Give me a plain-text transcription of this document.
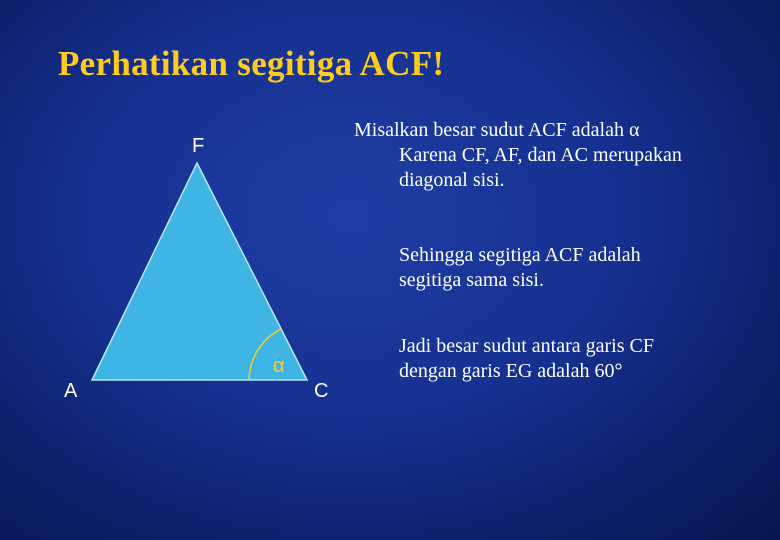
Perhatikan segitiga ACF!
F
A	C
α
Misalkan besar sudut ACF adalah α
Karena CF, AF, dan AC merupakan
diagonal sisi.
Sehingga segitiga ACF adalah
segitiga sama sisi.
Jadi besar sudut antara garis CF
dengan garis EG adalah 60°
